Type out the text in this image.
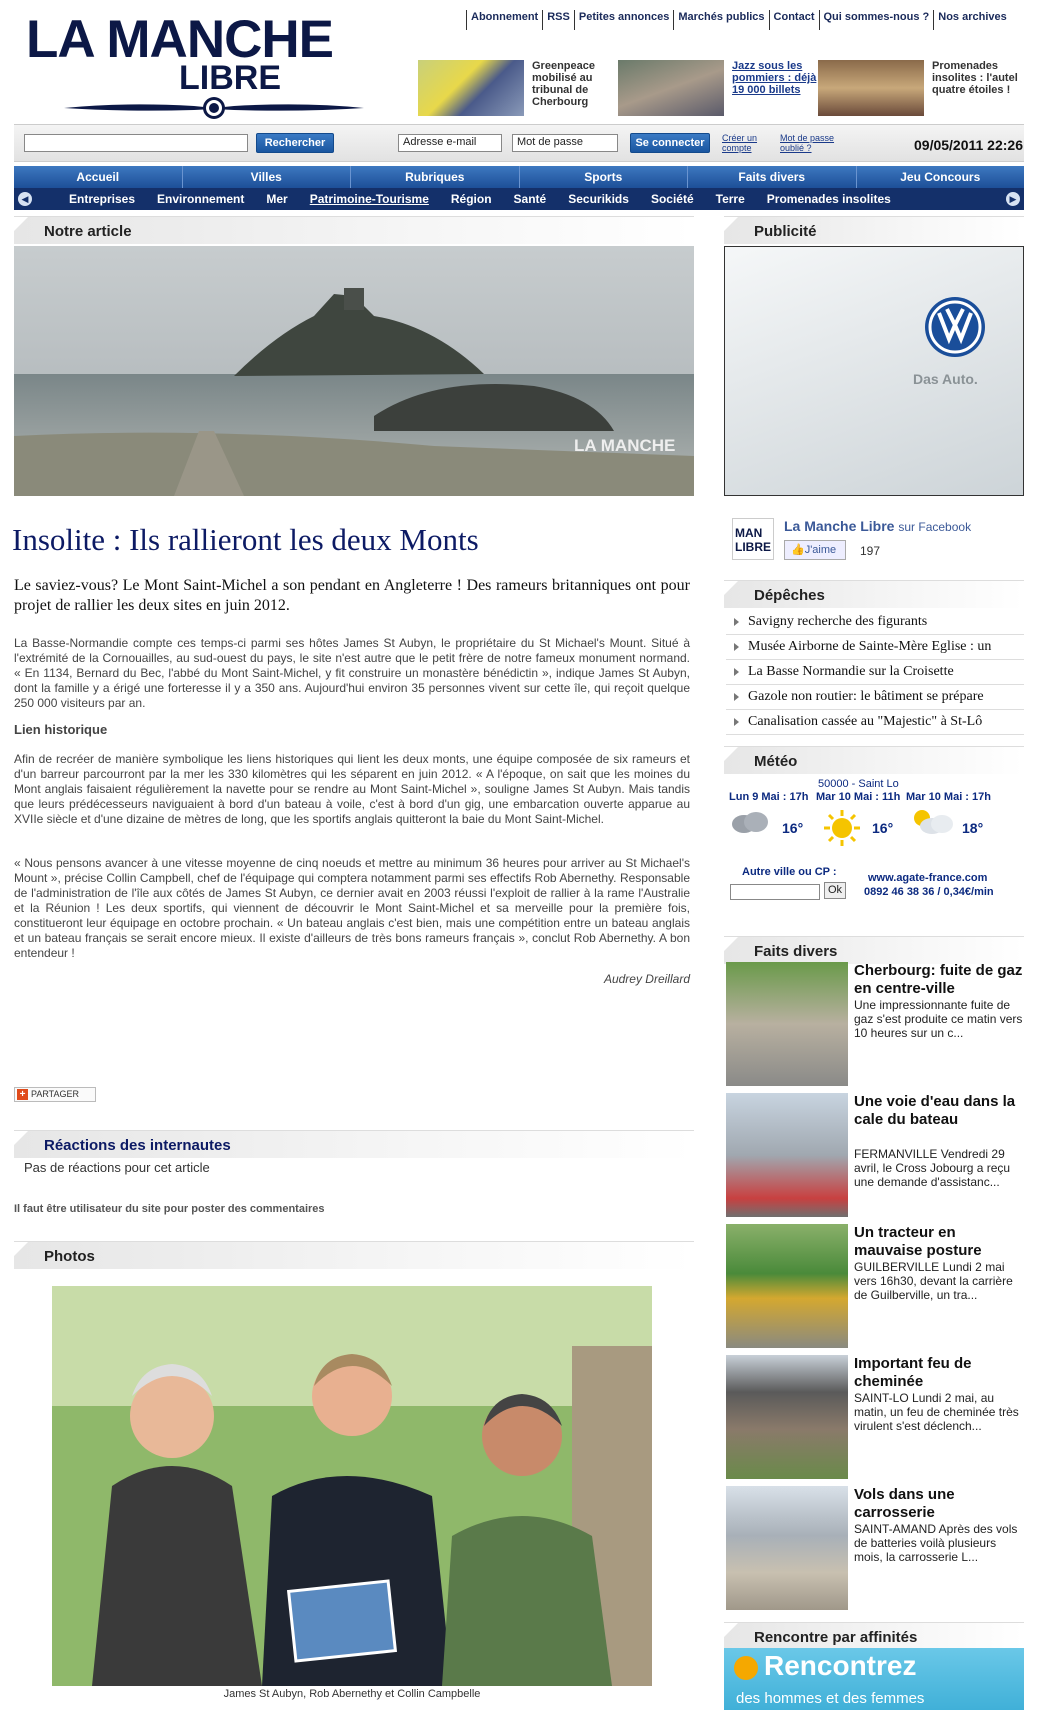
LA MANCHE
LIBRE
Abonnement RSS Petites annonces Marchés publics Contact Qui sommes-nous ? Nos archives
Greenpeace mobilisé au tribunal de Cherbourg
Jazz sous les pommiers : déjà 19 000 billets
Promenades insolites : l'autel quatre étoiles !
Rechercher	Adresse e-mail	Mot de passe	Se connecter	Créer un compte
Mot de passe oublié ?	09/05/2011 22:26
Accueil	Villes	Rubriques	Sports	Faits divers	Jeu Concours
◀	Entreprises	Environnement	Mer	Patrimoine-Tourisme	Région	Santé	Securikids	Société	Terre	Promenades insolites	▶
Notre article
LA MANCHE
Insolite : Ils rallieront les deux Monts
Le saviez-vous? Le Mont Saint-Michel a son pendant en Angleterre ! Des rameurs britanniques ont pour projet de rallier les deux sites en juin 2012.
La Basse-Normandie compte ces temps-ci parmi ses hôtes James St Aubyn, le propriétaire du St Michael's Mount. Situé à l'extrémité de la Cornouailles, au sud-ouest du pays, le site n'est autre que le petit frère de notre fameux monument normand. « En 1134, Bernard du Bec, l'abbé du Mont Saint-Michel, y fit construire un monastère bénédictin », indique James St Aubyn, dont la famille y a érigé une forteresse il y a 350 ans. Aujourd'hui environ 35 personnes vivent sur cette île, qui reçoit quelque 250 000 visiteurs par an.
Lien historique
Afin de recréer de manière symbolique les liens historiques qui lient les deux monts, une équipe composée de six rameurs et d'un barreur parcourront par la mer les 330 kilomètres qui les séparent en juin 2012. « A l'époque, on sait que les moines du Mont anglais faisaient régulièrement la navette pour se rendre au Mont Saint-Michel », souligne James St Aubyn. Mais tandis que leurs prédécesseurs naviguaient à bord d'un bateau à voile, c'est à bord d'un gig, une embarcation ouverte apparue au XVIIe siècle et d'une dizaine de mètres de long, que les sportifs anglais quitteront la baie du Mont Saint-Michel.
« Nous pensons avancer à une vitesse moyenne de cinq noeuds et mettre au minimum 36 heures pour arriver au St Michael's Mount », précise Collin Campbell, chef de l'équipage qui comptera notamment parmi ses effectifs Rob Abernethy. Responsable de l'administration de l'île aux côtés de James St Aubyn, ce dernier avait en 2003 réussi l'exploit de rallier à la rame l'Australie et la Réunion ! Les deux sportifs, qui viennent de découvrir le Mont Saint-Michel et sa merveille pour la première fois, constitueront leur équipage en octobre prochain. « Un bateau anglais c'est bien, mais une compétition entre un bateau anglais et un bateau français se serait encore mieux. Il existe d'ailleurs de très bons rameurs français », conclut Rob Abernethy. A bon entendeur !
Audrey Dreillard
+ PARTAGER
Réactions des internautes
Pas de réactions pour cet article
Il faut être utilisateur du site pour poster des commentaires
Photos
James St Aubyn, Rob Abernethy et Collin Campbelle
Publicité
Das Auto.
MAN
LIBRE
La Manche Libre sur Facebook
👍J'aime	197
Dépêches
Savigny recherche des figurants
Musée Airborne de Sainte-Mère Eglise : un
La Basse Normandie sur la Croisette
Gazole non routier: le bâtiment se prépare
Canalisation cassée au "Majestic" à St-Lô
Météo
50000 - Saint Lo
Lun 9 Mai : 17h Mar 10 Mai : 11h Mar 10 Mai : 17h
16°	16°	18°
Autre ville ou CP :
Ok
www.agate-france.com
0892 46 38 36 / 0,34€/min
Faits divers
Cherbourg: fuite de gaz en centre-ville
Une impressionnante fuite de gaz s'est produite ce matin vers 10 heures sur un c...
Une voie d'eau dans la cale du bateau
FERMANVILLE Vendredi 29 avril, le Cross Jobourg a reçu une demande d'assistanc...
Un tracteur en mauvaise posture
GUILBERVILLE Lundi 2 mai vers 16h30, devant la carrière de Guilberville, un tra...
Important feu de cheminée
SAINT-LO Lundi 2 mai, au matin, un feu de cheminée très virulent s'est déclench...
Vols dans une carrosserie
SAINT-AMAND Après des vols de batteries voilà plusieurs mois, la carrosserie L...
Rencontre par affinités
Rencontrez
des hommes et des femmes
